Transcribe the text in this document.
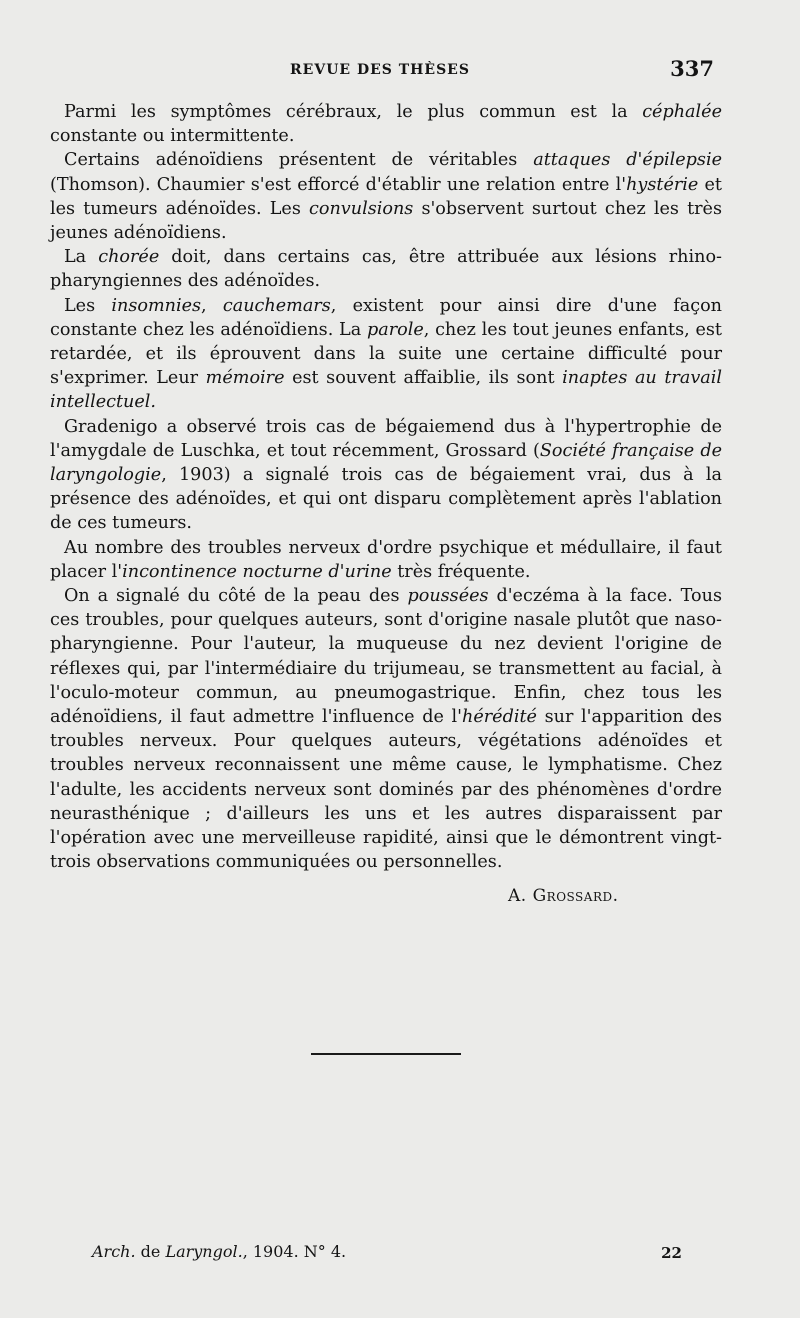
REVUE DES THÈSES	337

Parmi les symptômes cérébraux, le plus commun est la céphalée constante ou intermittente.

Certains adénoïdiens présentent de véritables attaques d'épilepsie (Thomson). Chaumier s'est efforcé d'établir une relation entre l'hystérie et les tumeurs adénoïdes. Les convulsions s'observent surtout chez les très jeunes adénoïdiens.

La chorée doit, dans certains cas, être attribuée aux lésions rhinopharyngiennes des adénoïdes.

Les insomnies, cauchemars, existent pour ainsi dire d'une façon constante chez les adénoïdiens. La parole, chez les tout jeunes enfants, est retardée, et ils éprouvent dans la suite une certaine difficulté pour s'exprimer. Leur mémoire est souvent affaiblie, ils sont inaptes au travail intellectuel.

Gradenigo a observé trois cas de bégaiemend dus à l'hypertrophie de l'amygdale de Luschka, et tout récemment, Grossard (Société française de laryngologie, 1903) a signalé trois cas de bégaiement vrai, dus à la présence des adénoïdes, et qui ont disparu complètement après l'ablation de ces tumeurs.

Au nombre des troubles nerveux d'ordre psychique et médullaire, il faut placer l'incontinence nocturne d'urine très fréquente.

On a signalé du côté de la peau des poussées d'eczéma à la face. Tous ces troubles, pour quelques auteurs, sont d'origine nasale plutôt que naso-pharyngienne. Pour l'auteur, la muqueuse du nez devient l'origine de réflexes qui, par l'intermédiaire du trijumeau, se transmettent au facial, à l'oculo-moteur commun, au pneumogastrique. Enfin, chez tous les adénoïdiens, il faut admettre l'influence de l'hérédité sur l'apparition des troubles nerveux. Pour quelques auteurs, végétations adénoïdes et troubles nerveux reconnaissent une même cause, le lymphatisme. Chez l'adulte, les accidents nerveux sont dominés par des phénomènes d'ordre neurasthénique ; d'ailleurs les uns et les autres disparaissent par l'opération avec une merveilleuse rapidité, ainsi que le démontrent vingt-trois observations communiquées ou personnelles.

A. Grossard.
Arch. de Laryngol., 1904. N° 4.	22
